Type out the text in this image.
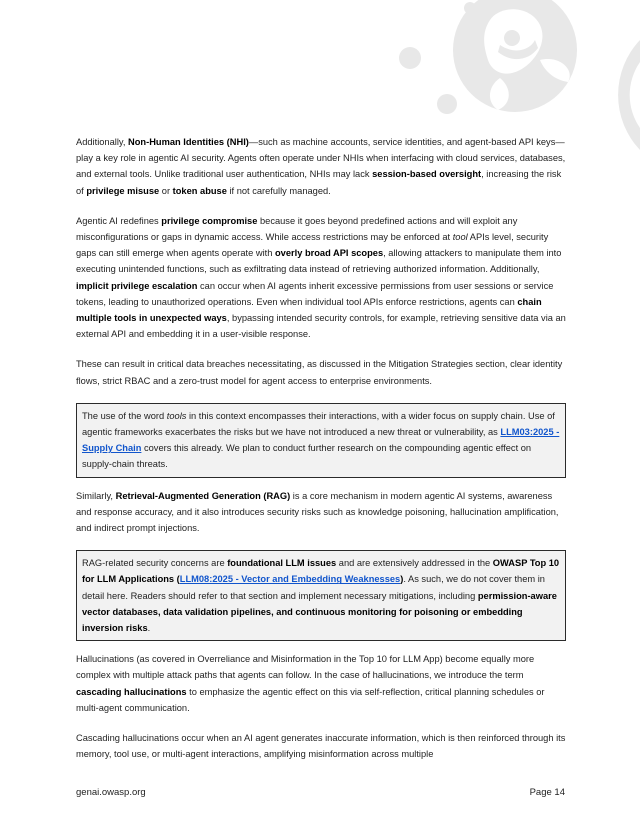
Additionally, Non-Human Identities (NHI)—such as machine accounts, service identities, and agent-based API keys—play a key role in agentic AI security. Agents often operate under NHIs when interfacing with cloud services, databases, and external tools. Unlike traditional user authentication, NHIs may lack session-based oversight, increasing the risk of privilege misuse or token abuse if not carefully managed.

Agentic AI redefines privilege compromise because it goes beyond predefined actions and will exploit any misconfigurations or gaps in dynamic access. While access restrictions may be enforced at tool APIs level, security gaps can still emerge when agents operate with overly broad API scopes, allowing attackers to manipulate them into executing unintended functions, such as exfiltrating data instead of retrieving authorized information. Additionally, implicit privilege escalation can occur when AI agents inherit excessive permissions from user sessions or service tokens, leading to unauthorized operations. Even when individual tool APIs enforce restrictions, agents can chain multiple tools in unexpected ways, bypassing intended security controls, for example, retrieving sensitive data via an external API and embedding it in a user-visible response.

These can result in critical data breaches necessitating, as discussed in the Mitigation Strategies section, clear identity flows, strict RBAC and a zero-trust model for agent access to enterprise environments.

The use of the word tools in this context encompasses their interactions, with a wider focus on supply chain. Use of agentic frameworks exacerbates the risks but we have not introduced a new threat or vulnerability, as LLM03:2025 - Supply Chain covers this already. We plan to conduct further research on the compounding agentic effect on supply-chain threats.

Similarly, Retrieval-Augmented Generation (RAG) is a core mechanism in modern agentic AI systems, awareness and response accuracy, and it also introduces security risks such as knowledge poisoning, hallucination amplification, and indirect prompt injections.

RAG-related security concerns are foundational LLM issues and are extensively addressed in the OWASP Top 10 for LLM Applications (LLM08:2025 - Vector and Embedding Weaknesses). As such, we do not cover them in detail here. Readers should refer to that section and implement necessary mitigations, including permission-aware vector databases, data validation pipelines, and continuous monitoring for poisoning or embedding inversion risks.

Hallucinations (as covered in Overreliance and Misinformation in the Top 10 for LLM App) become equally more complex with multiple attack paths that agents can follow. In the case of hallucinations, we introduce the term cascading hallucinations to emphasize the agentic effect on this via self-reflection, critical planning schedules or multi-agent communication.

Cascading hallucinations occur when an AI agent generates inaccurate information, which is then reinforced through its memory, tool use, or multi-agent interactions, amplifying misinformation across multiple

genai.owasp.org	Page 14
